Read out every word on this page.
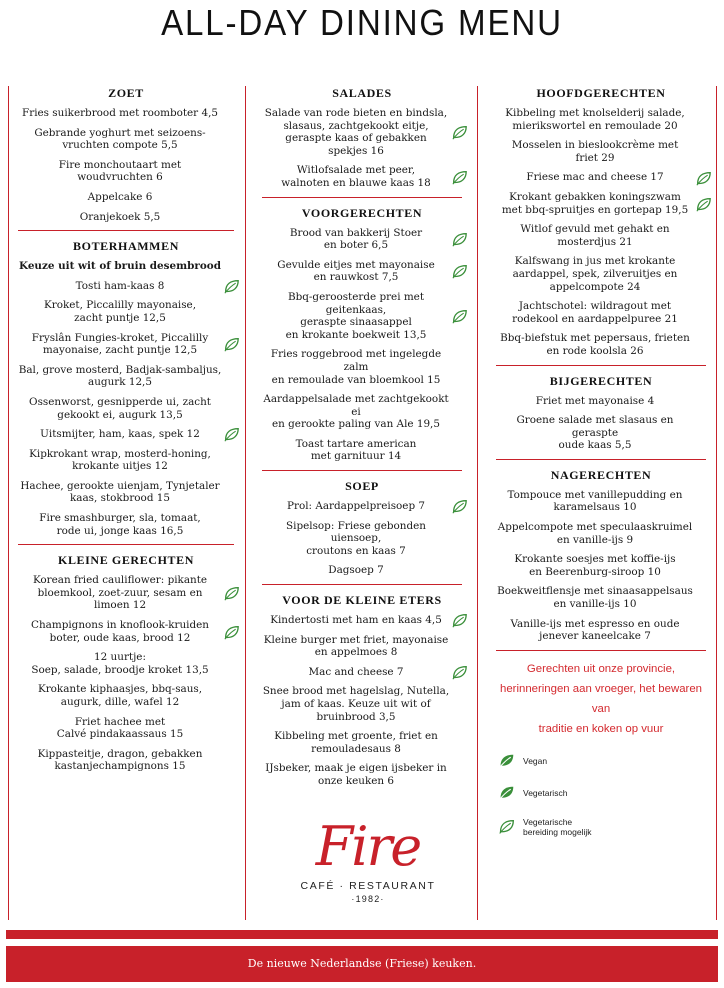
ALL-DAY DINING MENU
ZOET
Fries suikerbrood met roomboter 4,5
Gebrande yoghurt met seizoens-
vruchten compote 5,5
Fire monchoutaart met
woudvruchten 6
Appelcake 6
Oranjekoek 5,5
BOTERHAMMEN
Keuze uit wit of bruin desembrood
Tosti ham-kaas 8
Kroket, Piccalilly mayonaise,
zacht puntje 12,5
Fryslân Fungies-kroket, Piccalilly
mayonaise, zacht puntje 12,5
Bal, grove mosterd, Badjak-sambaljus,
augurk 12,5
Ossenworst, gesnipperde ui, zacht
gekookt ei, augurk 13,5
Uitsmijter, ham, kaas, spek 12
Kipkrokant wrap, mosterd-honing,
krokante uitjes 12
Hachee, gerookte uienjam, Tynjetaler
kaas, stokbrood 15
Fire smashburger, sla, tomaat,
rode ui, jonge kaas 16,5
KLEINE GERECHTEN
Korean fried cauliflower: pikante
bloemkool, zoet-zuur, sesam en
limoen 12
Champignons in knoflook-kruiden
boter, oude kaas, brood 12
12 uurtje:
Soep, salade, broodje kroket 13,5
Krokante kiphaasjes, bbq-saus,
augurk, dille, wafel 12
Friet hachee met
Calvé pindakaassaus 15
Kippasteitje, dragon, gebakken
kastanjechampignons 15
SALADES
Salade van rode bieten en bindsla,
slasaus, zachtgekookt eitje,
geraspte kaas of gebakken
spekjes 16
Witlofsalade met peer,
walnoten en blauwe kaas 18
VOORGERECHTEN
Brood van bakkerij Stoer
en boter 6,5
Gevulde eitjes met mayonaise
en rauwkost 7,5
Bbq-geroosterde prei met geitenkaas,
geraspte sinaasappel
en krokante boekweit 13,5
Fries roggebrood met ingelegde zalm
en remoulade van bloemkool 15
Aardappelsalade met zachtgekookt ei
en gerookte paling van Ale 19,5
Toast tartare american
met garnituur 14
SOEP
Prol: Aardappelpreisoep 7
Sipelsop: Friese gebonden uiensoep,
croutons en kaas 7
Dagsoep 7
VOOR DE KLEINE ETERS
Kindertosti met ham en kaas 4,5
Kleine burger met friet, mayonaise
en appelmoes 8
Mac and cheese 7
Snee brood met hagelslag, Nutella,
jam of kaas. Keuze uit wit of
bruinbrood 3,5
Kibbeling met groente, friet en
remouladesaus 8
IJsbeker, maak je eigen ijsbeker in
onze keuken 6
HOOFDGERECHTEN
Kibbeling met knolselderij salade,
mierikswortel en remoulade 20
Mosselen in bieslookcrème met
friet 29
Friese mac and cheese 17
Krokant gebakken koningszwam
met bbq-spruitjes en gortepap 19,5
Witlof gevuld met gehakt en
mosterdjus 21
Kalfswang in jus met krokante
aardappel, spek, zilveruitjes en
appelcompote 24
Jachtschotel: wildragout met
rodekool en aardappelpuree 21
Bbq-biefstuk met pepersaus, frieten
en rode koolsla 26
BIJGERECHTEN
Friet met mayonaise 4
Groene salade met slasaus en geraspte
oude kaas 5,5
NAGERECHTEN
Tompouce met vanillepudding en
karamelsaus 10
Appelcompote met speculaaskruimel
en vanille-ijs 9
Krokante soesjes met koffie-ijs
en Beerenburg-siroop 10
Boekweitflensje met sinaasappelsaus
en vanille-ijs 10
Vanille-ijs met espresso en oude
jenever kaneelcake 7
Gerechten uit onze provincie,
herinneringen aan vroeger, het bewaren van
traditie en koken op vuur
Vegan
Vegetarisch
Vegetarische
bereiding mogelijk
Fire
CAFÉ · RESTAURANT
·1982·
De nieuwe Nederlandse (Friese) keuken.
